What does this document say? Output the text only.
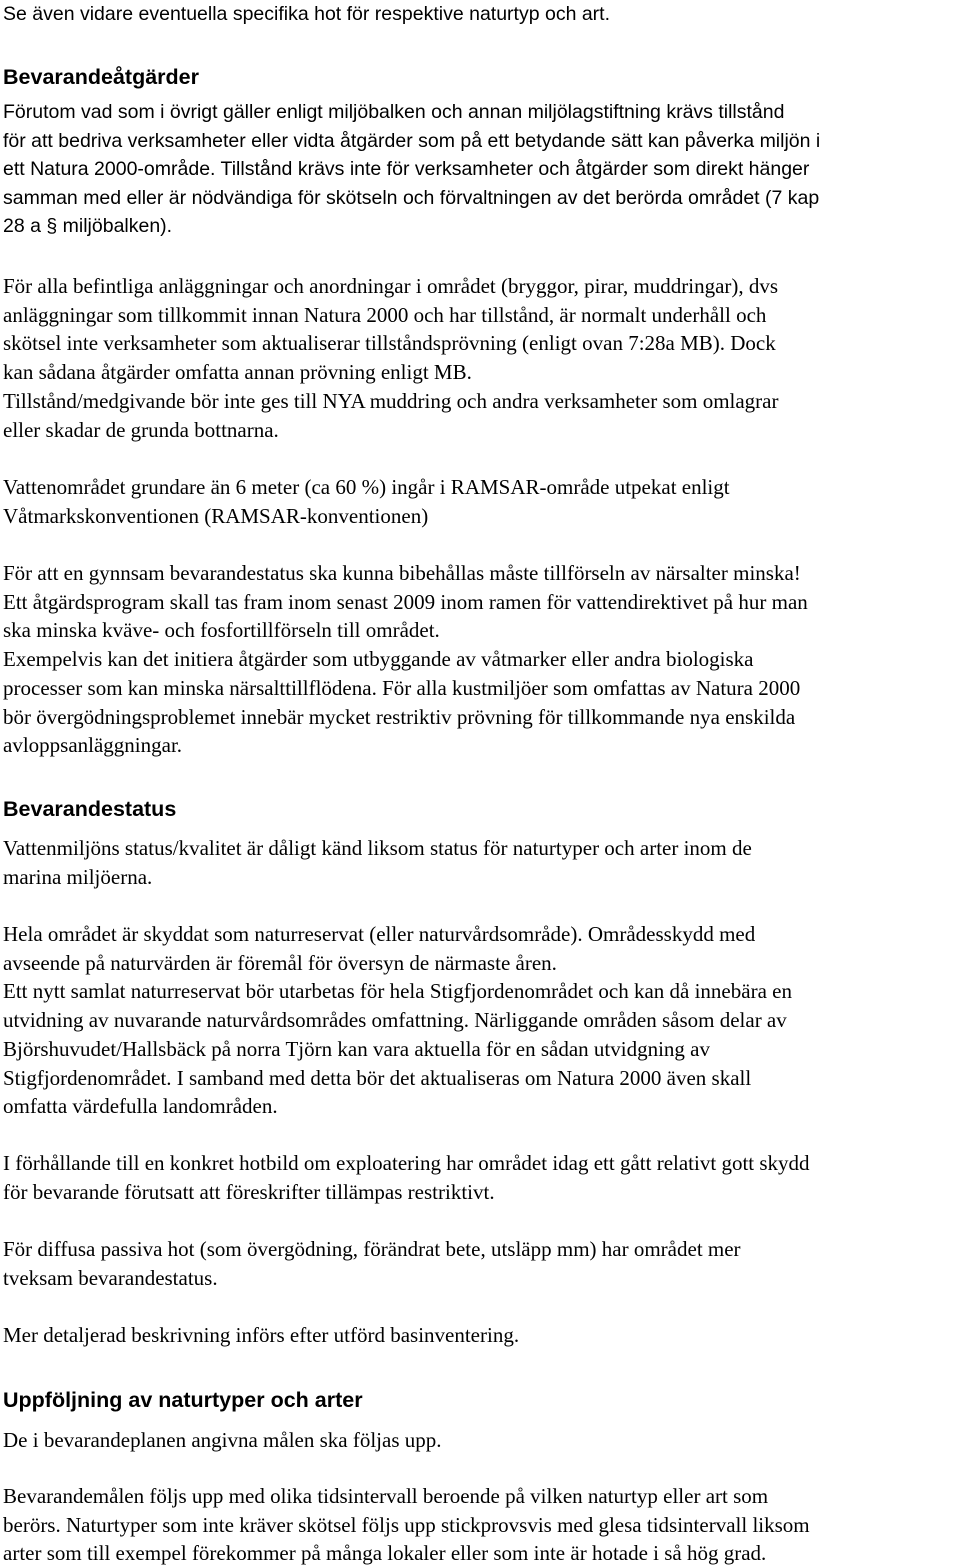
Se även vidare eventuella specifika hot för respektive naturtyp och art.

Bevarandeåtgärder

Förutom vad som i övrigt gäller enligt miljöbalken och annan miljölagstiftning krävs tillstånd
för att bedriva verksamheter eller vidta åtgärder som på ett betydande sätt kan påverka miljön i
ett Natura 2000-område. Tillstånd krävs inte för verksamheter och åtgärder som direkt hänger
samman med eller är nödvändiga för skötseln och förvaltningen av det berörda området (7 kap
28 a § miljöbalken).

För alla befintliga anläggningar och anordningar i området (bryggor, pirar, muddringar), dvs
anläggningar som tillkommit innan Natura 2000 och har tillstånd, är normalt underhåll och
skötsel inte verksamheter som aktualiserar tillståndsprövning (enligt ovan 7:28a MB). Dock
kan sådana åtgärder omfatta annan prövning enligt MB.
Tillstånd/medgivande bör inte ges till NYA muddring och andra verksamheter som omlagrar
eller skadar de grunda bottnarna.

Vattenområdet grundare än 6 meter (ca 60 %) ingår i RAMSAR-område utpekat enligt
Våtmarkskonventionen (RAMSAR-konventionen)

För att en gynnsam bevarandestatus ska kunna bibehållas måste tillförseln av närsalter minska!
Ett åtgärdsprogram skall tas fram inom senast 2009 inom ramen för vattendirektivet på hur man
ska minska kväve- och fosfortillförseln till området.
Exempelvis kan det initiera åtgärder som utbyggande av våtmarker eller andra biologiska
processer som kan minska närsalttillflödena. För alla kustmiljöer som omfattas av Natura 2000
bör övergödningsproblemet innebär mycket restriktiv prövning för tillkommande nya enskilda
avloppsanläggningar.

Bevarandestatus

Vattenmiljöns status/kvalitet är dåligt känd liksom status för naturtyper och arter inom de
marina miljöerna.

Hela området är skyddat som naturreservat (eller naturvårdsområde). Områdesskydd med
avseende på naturvärden är föremål för översyn de närmaste åren.
Ett nytt samlat naturreservat bör utarbetas för hela Stigfjordenområdet och kan då innebära en
utvidning av nuvarande naturvårdsområdes omfattning. Närliggande områden såsom delar av
Björshuvudet/Hallsbäck på norra Tjörn kan vara aktuella för en sådan utvidgning av
Stigfjordenområdet. I samband med detta bör det aktualiseras om Natura 2000 även skall
omfatta värdefulla landområden.

I förhållande till en konkret hotbild om exploatering har området idag ett gått relativt gott skydd
för bevarande förutsatt att föreskrifter tillämpas restriktivt.

För diffusa passiva hot (som övergödning, förändrat bete, utsläpp mm) har området mer
tveksam bevarandestatus.

Mer detaljerad beskrivning införs efter utförd basinventering.

Uppföljning av naturtyper och arter

De i bevarandeplanen angivna målen ska följas upp.

Bevarandemålen följs upp med olika tidsintervall beroende på vilken naturtyp eller art som
berörs. Naturtyper som inte kräver skötsel följs upp stickprovsvis med glesa tidsintervall liksom
arter som till exempel förekommer på många lokaler eller som inte är hotade i så hög grad.
